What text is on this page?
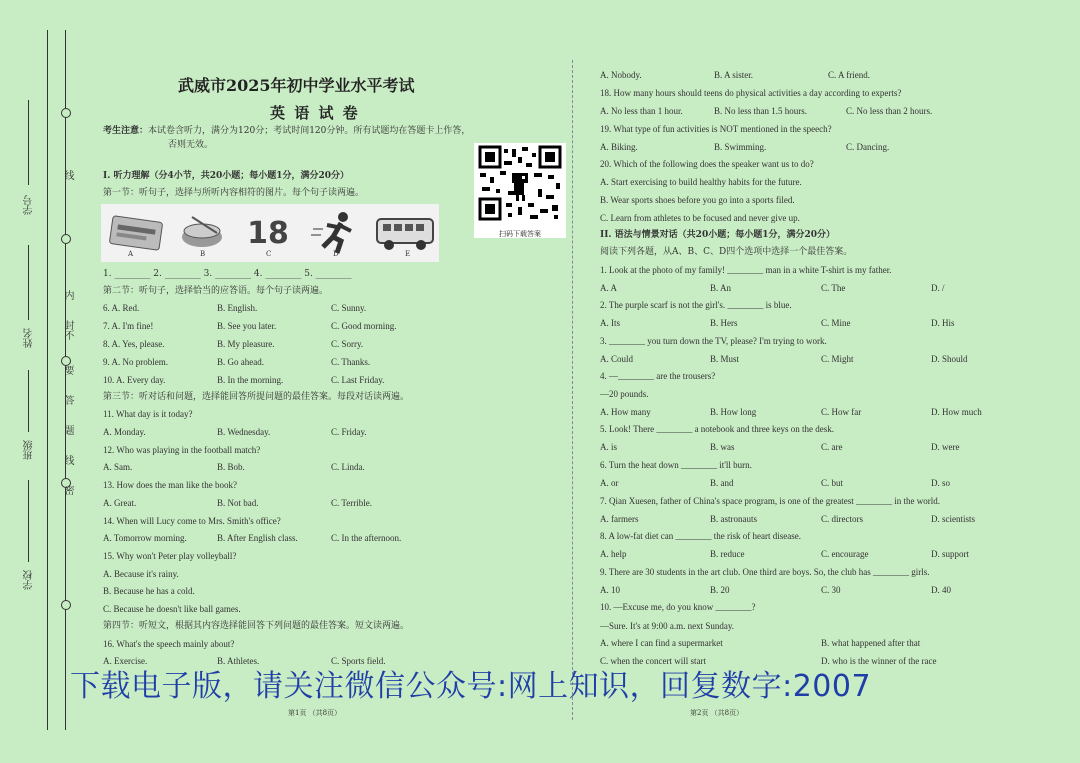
学号
姓名
班级
学校
线
内
不
要
答
题
线
封
密
武威市2025年初中学业水平考试
英 语 试 卷
考生注意：本试卷含听力，满分为120分；考试时间120分钟。所有试题均在答题卡上作答，
否则无效。
扫码下载答案
I. 听力理解（分4小节，共20小题；每小题1分，满分20分）
第一节：听句子，选择与所听内容相符的图片。每个句子读两遍。
18
A	B	C	D	E
1. ________ 2. ________ 3. ________ 4. ________ 5. ________
第二节：听句子，选择恰当的应答语。每个句子读两遍。
6. A. Red.	B. English.	C. Sunny.
7. A. I'm fine!	B. See you later.	C. Good morning.
8. A. Yes, please.	B. My pleasure.	C. Sorry.
9. A. No problem.	B. Go ahead.	C. Thanks.
10. A. Every day.	B. In the morning.	C. Last Friday.
第三节：听对话和问题，选择能回答所提问题的最佳答案。每段对话读两遍。
11. What day is it today?
A. Monday.	B. Wednesday.	C. Friday.
12. Who was playing in the football match?
A. Sam.	B. Bob.	C. Linda.
13. How does the man like the book?
A. Great.	B. Not bad.	C. Terrible.
14. When will Lucy come to Mrs. Smith's office?
A. Tomorrow morning.	B. After English class.	C. In the afternoon.
15. Why won't Peter play volleyball?
A. Because it's rainy.
B. Because he has a cold.
C. Because he doesn't like ball games.
第四节：听短文，根据其内容选择能回答下列问题的最佳答案。短文读两遍。
16. What's the speech mainly about?
A. Exercise.	B. Athletes.	C. Sports field.
第1页 （共8页）
A. Nobody.	B. A sister.	C. A friend.
18. How many hours should teens do physical activities a day according to experts?
A. No less than 1 hour.	B. No less than 1.5 hours.	C. No less than 2 hours.
19. What type of fun activities is NOT mentioned in the speech?
A. Biking.	B. Swimming.	C. Dancing.
20. Which of the following does the speaker want us to do?
A. Start exercising to build healthy habits for the future.
B. Wear sports shoes before you go into a sports filed.
C. Learn from athletes to be focused and never give up.
II. 语法与情景对话（共20小题；每小题1分，满分20分）
阅读下列各题，从A、B、C、D四个选项中选择一个最佳答案。
1. Look at the photo of my family! ________ man in a white T-shirt is my father.
A. A	B. An	C. The	D. /
2. The purple scarf is not the girl's. ________ is blue.
A. Its	B. Hers	C. Mine	D. His
3. ________ you turn down the TV, please? I'm trying to work.
A. Could	B. Must	C. Might	D. Should
4. —________ are the trousers?
—20 pounds.
A. How many	B. How long	C. How far	D. How much
5. Look! There ________ a notebook and three keys on the desk.
A. is	B. was	C. are	D. were
6. Turn the heat down ________ it'll burn.
A. or	B. and	C. but	D. so
7. Qian Xuesen, father of China's space program, is one of the greatest ________ in the world.
A. farmers	B. astronauts	C. directors	D. scientists
8. A low-fat diet can ________ the risk of heart disease.
A. help	B. reduce	C. encourage	D. support
9. There are 30 students in the art club. One third are boys. So, the club has ________ girls.
A. 10	B. 20	C. 30	D. 40
10. —Excuse me, do you know ________?
—Sure. It's at 9:00 a.m. next Sunday.
A. where I can find a supermarket	B. what happened after that
C. when the concert will start	D. who is the winner of the race
第2页 （共8页）
下载电子版，请关注微信公众号:网上知识，回复数字:2007
